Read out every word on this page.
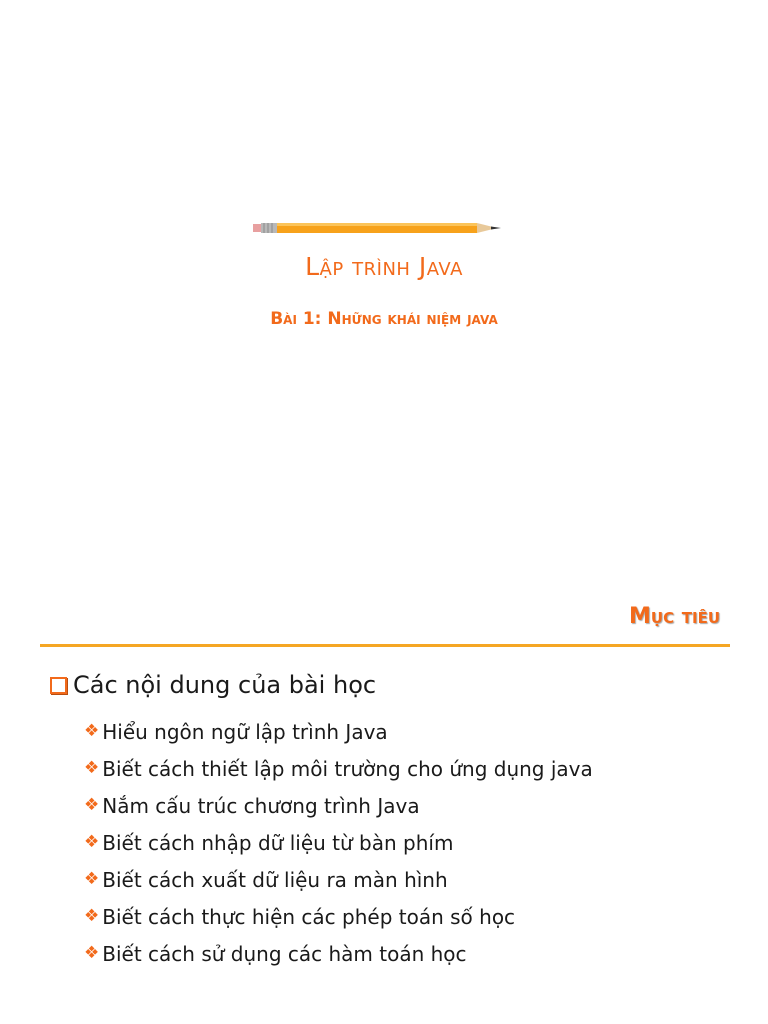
Lập trình Java
Bài 1: Những khái niệm java
Mục tiêu
Các nội dung của bài học
❖ Hiểu ngôn ngữ lập trình Java
❖ Biết cách thiết lập môi trường cho ứng dụng java
❖ Nắm cấu trúc chương trình Java
❖ Biết cách nhập dữ liệu từ bàn phím
❖ Biết cách xuất dữ liệu ra màn hình
❖ Biết cách thực hiện các phép toán số học
❖ Biết cách sử dụng các hàm toán học
